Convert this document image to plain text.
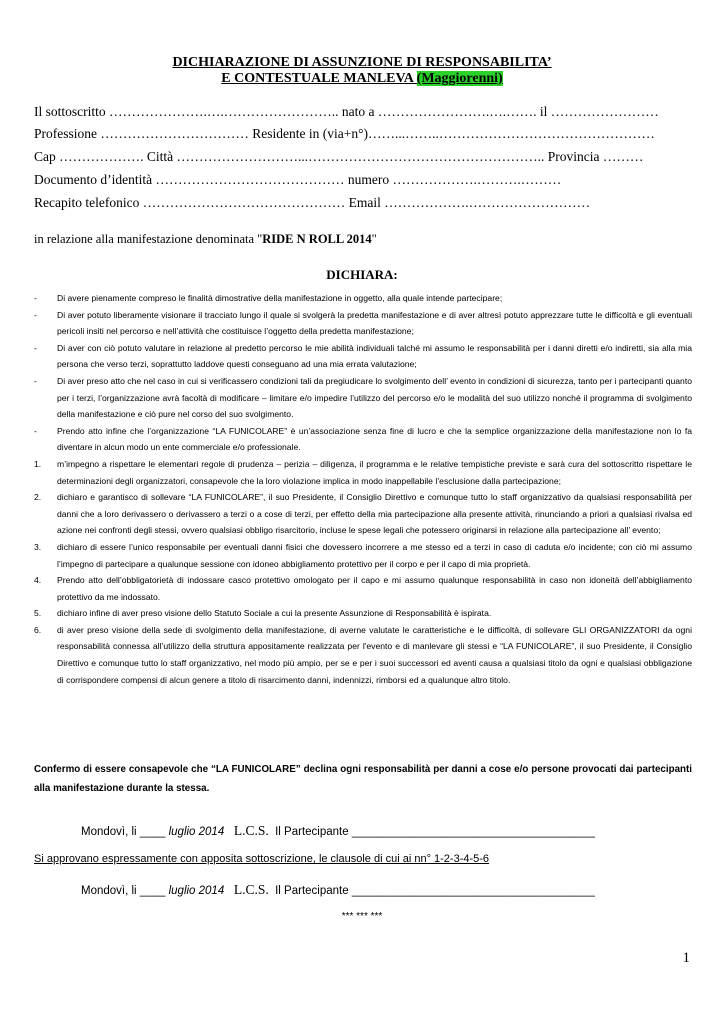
DICHIARAZIONE DI ASSUNZIONE DI RESPONSABILITA’
E CONTESTUALE MANLEVA (Maggiorenni)
Il sottoscritto ………………….….…………………….. nato a …………………….….……. il ……………………
Professione …………………………… Residente in (via+n°)……...……..…………………………………………
Cap ………………. Città ………………………...…………………………………………….. Provincia ………
Documento d’identità …………………………………… numero ……………….……….………
Recapito telefonico ……………………………………… Email ……………….………………………
in relazione alla manifestazione denominata "RIDE N ROLL 2014"
DICHIARA:
-	Di avere pienamente compreso le finalità dimostrative della manifestazione in oggetto, alla quale intende partecipare;
-	Di aver potuto liberamente visionare il tracciato lungo il quale si svolgerà la predetta manifestazione e di aver altresì potuto apprezzare tutte le difficoltà e gli eventuali pericoli insiti nel percorso e nell’attività che costituisce l’oggetto della predetta manifestazione;
-	Di aver con ciò potuto valutare in relazione al predetto percorso le mie abilità individuali talché mi assumo le responsabilità per i danni diretti e/o indiretti, sia alla mia persona che verso terzi, soprattutto laddove questi conseguano ad una mia errata valutazione;
-	Di aver preso atto che nel caso in cui si verificassero condizioni tali da pregiudicare lo svolgimento dell’ evento in condizioni di sicurezza, tanto per i partecipanti quanto per i terzi, l’organizzazione avrà facoltà di modificare – limitare e/o impedire l’utilizzo del percorso e/o le modalità del suo utilizzo nonché il programma di svolgimento della manifestazione e ciò pure nel corso del suo svolgimento.
-	Prendo atto infine che l’organizzazione “LA FUNICOLARE” è un’associazione senza fine di lucro e che la semplice organizzazione della manifestazione non lo fa diventare in alcun modo un ente commerciale e/o professionale.
1.	m’impegno a rispettare le elementari regole di prudenza – perizia – diligenza, il programma e le relative tempistiche previste e sarà cura del sottoscritto rispettare le determinazioni degli organizzatori, consapevole che la loro violazione implica in modo inappellabile l’esclusione dalla partecipazione;
2.	dichiaro e garantisco di sollevare “LA FUNICOLARE”, il suo Presidente, il Consiglio Direttivo e comunque tutto lo staff organizzativo da qualsiasi responsabilità per danni che a loro derivassero o derivassero a terzi o a cose di terzi, per effetto della mia partecipazione alla presente attività, rinunciando a priori a qualsiasi rivalsa ed azione nei confronti degli stessi, ovvero qualsiasi obbligo risarcitorio, incluse le spese legali che potessero originarsi in relazione alla partecipazione all’ evento;
3.	dichiaro di essere l’unico responsabile per eventuali danni fisici che dovessero incorrere a me stesso ed a terzi in caso di caduta e/o incidente; con ciò mi assumo l’impegno di partecipare a qualunque sessione con idoneo abbigliamento protettivo per il corpo e per il capo di mia proprietà.
4.	Prendo atto dell’obbligatorietà di indossare casco protettivo omologato per il capo e mi assumo qualunque responsabilità in caso non idoneità dell’abbigliamento protettivo da me indossato.
5.	dichiaro infine di aver preso visione dello Statuto Sociale a cui la presente Assunzione di Responsabilità è ispirata.
6.	di aver preso visione della sede di svolgimento della manifestazione, di averne valutate le caratteristiche e le difficoltà, di sollevare GLI ORGANIZZATORI da ogni responsabilità connessa all’utilizzo della struttura appositamente realizzata per l'evento e di manlevare gli stessi e “LA FUNICOLARE”, il suo Presidente, il Consiglio Direttivo e comunque tutto lo staff organizzativo, nel modo più ampio, per se e per i suoi successori ed aventi causa a qualsiasi titolo da ogni e qualsiasi obbligazione di corrispondere compensi di alcun genere a titolo di risarcimento danni, indennizzi, rimborsi ed a qualunque altro titolo.
Confermo di essere consapevole che “LA FUNICOLARE” declina ogni responsabilità per danni a cose e/o persone provocati dai partecipanti alla manifestazione durante la stessa.
Mondovì, li ____ luglio 2014 L.C.S. Il Partecipante ______________________________________
Si approvano espressamente con apposita sottoscrizione, le clausole di cui ai nn° 1-2-3-4-5-6
Mondovì, li ____ luglio 2014 L.C.S. Il Partecipante ______________________________________
*** *** ***
1
